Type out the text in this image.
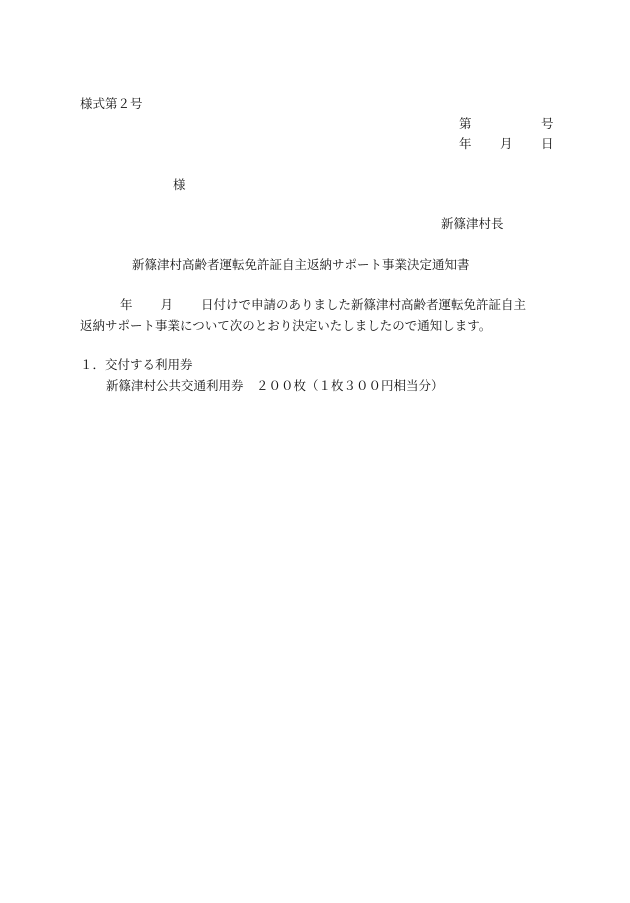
様式第２号
第	号
年 月 日
様
新篠津村長
新篠津村高齢者運転免許証自主返納サポート事業決定通知書
年 月 日付けで申請のありました新篠津村高齢者運転免許証自主
返納サポート事業について次のとおり決定いたしましたので通知します。
１．交付する利用券
新篠津村公共交通利用券　２００枚（１枚３００円相当分）
